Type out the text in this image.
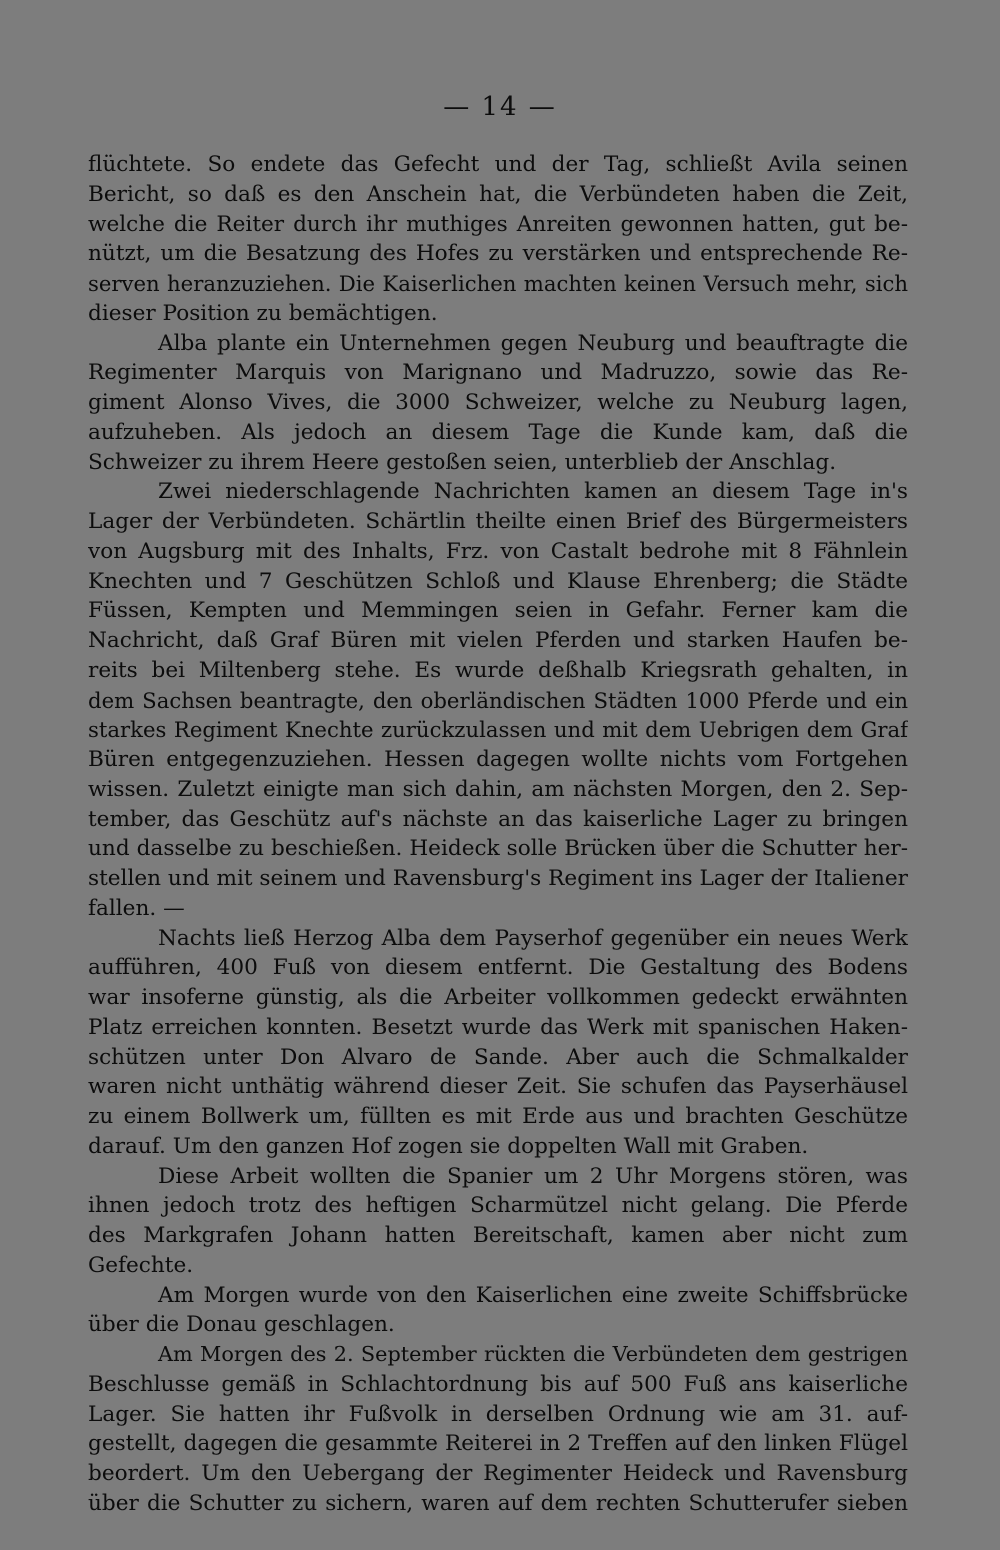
— 14 —
flüchtete. So endete das Gefecht und der Tag, schließt Avila seinen
Bericht, so daß es den Anschein hat, die Verbündeten haben die Zeit,
welche die Reiter durch ihr muthiges Anreiten gewonnen hatten, gut be-
nützt, um die Besatzung des Hofes zu verstärken und entsprechende Re-
serven heranzuziehen. Die Kaiserlichen machten keinen Versuch mehr, sich
dieser Position zu bemächtigen.
Alba plante ein Unternehmen gegen Neuburg und beauftragte die
Regimenter Marquis von Marignano und Madruzzo, sowie das Re-
giment Alonso Vives, die 3000 Schweizer, welche zu Neuburg lagen,
aufzuheben. Als jedoch an diesem Tage die Kunde kam, daß die
Schweizer zu ihrem Heere gestoßen seien, unterblieb der Anschlag.
Zwei niederschlagende Nachrichten kamen an diesem Tage in's
Lager der Verbündeten. Schärtlin theilte einen Brief des Bürgermeisters
von Augsburg mit des Inhalts, Frz. von Castalt bedrohe mit 8 Fähnlein
Knechten und 7 Geschützen Schloß und Klause Ehrenberg; die Städte
Füssen, Kempten und Memmingen seien in Gefahr. Ferner kam die
Nachricht, daß Graf Büren mit vielen Pferden und starken Haufen be-
reits bei Miltenberg stehe. Es wurde deßhalb Kriegsrath gehalten, in
dem Sachsen beantragte, den oberländischen Städten 1000 Pferde und ein
starkes Regiment Knechte zurückzulassen und mit dem Uebrigen dem Graf
Büren entgegenzuziehen. Hessen dagegen wollte nichts vom Fortgehen
wissen. Zuletzt einigte man sich dahin, am nächsten Morgen, den 2. Sep-
tember, das Geschütz auf's nächste an das kaiserliche Lager zu bringen
und dasselbe zu beschießen. Heideck solle Brücken über die Schutter her-
stellen und mit seinem und Ravensburg's Regiment ins Lager der Italiener
fallen. —
Nachts ließ Herzog Alba dem Payserhof gegenüber ein neues Werk
aufführen, 400 Fuß von diesem entfernt. Die Gestaltung des Bodens
war insoferne günstig, als die Arbeiter vollkommen gedeckt erwähnten
Platz erreichen konnten. Besetzt wurde das Werk mit spanischen Haken-
schützen unter Don Alvaro de Sande. Aber auch die Schmalkalder
waren nicht unthätig während dieser Zeit. Sie schufen das Payserhäusel
zu einem Bollwerk um, füllten es mit Erde aus und brachten Geschütze
darauf. Um den ganzen Hof zogen sie doppelten Wall mit Graben.
Diese Arbeit wollten die Spanier um 2 Uhr Morgens stören, was
ihnen jedoch trotz des heftigen Scharmützel nicht gelang. Die Pferde
des Markgrafen Johann hatten Bereitschaft, kamen aber nicht zum
Gefechte.
Am Morgen wurde von den Kaiserlichen eine zweite Schiffsbrücke
über die Donau geschlagen.
Am Morgen des 2. September rückten die Verbündeten dem gestrigen
Beschlusse gemäß in Schlachtordnung bis auf 500 Fuß ans kaiserliche
Lager. Sie hatten ihr Fußvolk in derselben Ordnung wie am 31. auf-
gestellt, dagegen die gesammte Reiterei in 2 Treffen auf den linken Flügel
beordert. Um den Uebergang der Regimenter Heideck und Ravensburg
über die Schutter zu sichern, waren auf dem rechten Schutterufer sieben
